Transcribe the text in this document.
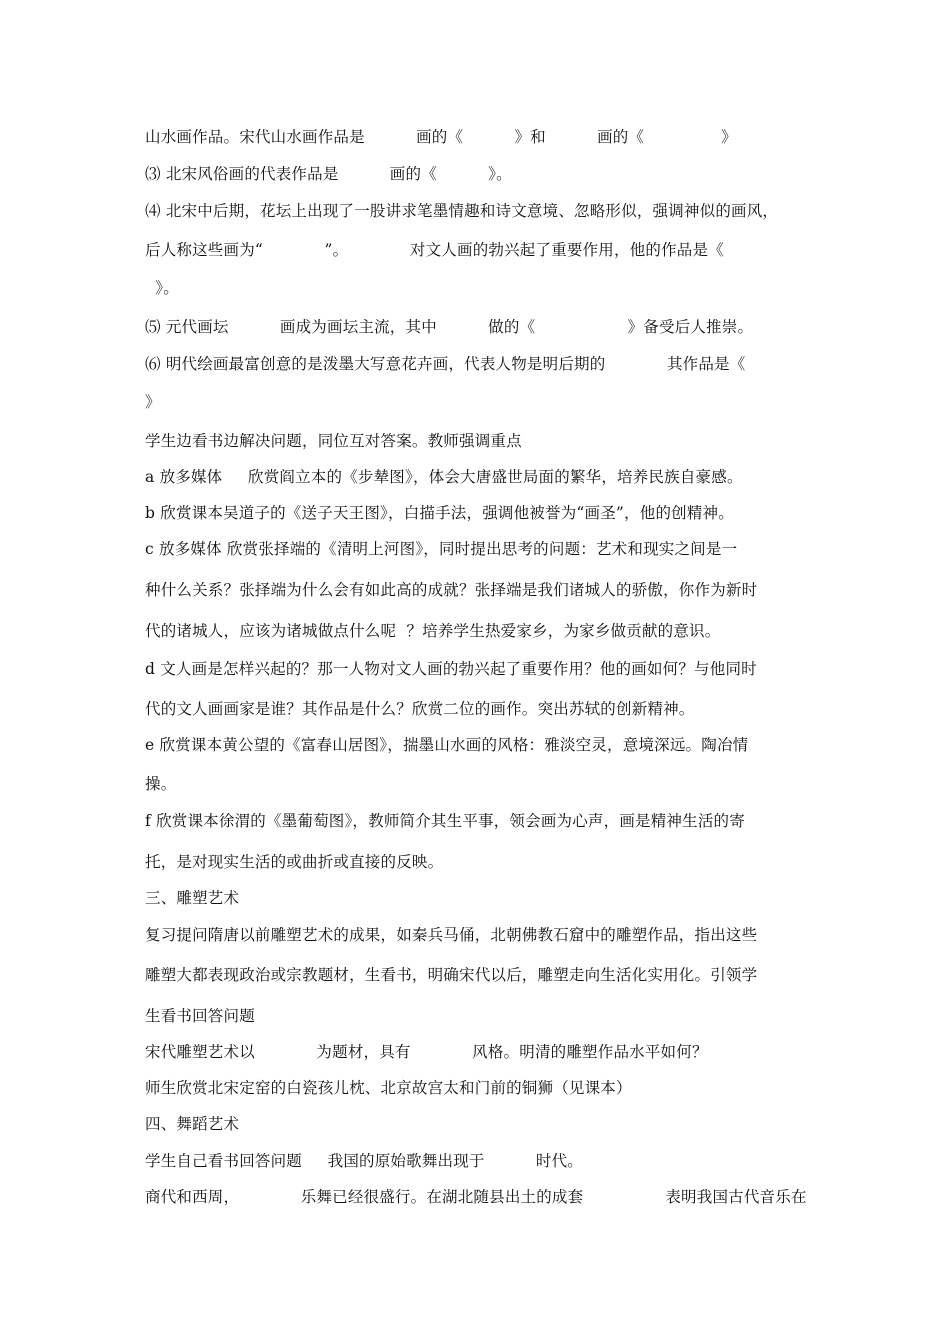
山水画作品。宋代山水画作品是          画的《          》和          画的《               》
⑶ 北宋风俗画的代表作品是          画的《          》。
⑷ 北宋中后期，花坛上出现了一股讲求笔墨情趣和诗文意境、忽略形似，强调神似的画风，
后人称这些画为“            ”。            对文人画的勃兴起了重要作用，他的作品是《
》。
⑸ 元代画坛          画成为画坛主流，其中          做的《                  》备受后人推崇。
⑹ 明代绘画最富创意的是泼墨大写意花卉画，代表人物是明后期的            其作品是《
》
学生边看书边解决问题，同位互对答案。教师强调重点
a 放多媒体     欣赏阎立本的《步辇图》，体会大唐盛世局面的繁华，培养民族自豪感。
b 欣赏课本吴道子的《送子天王图》，白描手法，强调他被誉为“画圣”，他的创精神。
c 放多媒体 欣赏张择端的《清明上河图》，同时提出思考的问题：艺术和现实之间是一
种什么关系？张择端为什么会有如此高的成就？张择端是我们诸城人的骄傲，你作为新时
代的诸城人，应该为诸城做点什么呢  ？培养学生热爱家乡，为家乡做贡献的意识。
d 文人画是怎样兴起的？那一人物对文人画的勃兴起了重要作用？他的画如何？与他同时
代的文人画画家是谁？其作品是什么？欣赏二位的画作。突出苏轼的创新精神。
e 欣赏课本黄公望的《富春山居图》，揣墨山水画的风格：雅淡空灵，意境深远。陶冶情
操。
f 欣赏课本徐渭的《墨葡萄图》，教师简介其生平事，领会画为心声，画是精神生活的寄
托，是对现实生活的或曲折或直接的反映。
三、雕塑艺术
复习提问隋唐以前雕塑艺术的成果，如秦兵马俑，北朝佛教石窟中的雕塑作品，指出这些
雕塑大都表现政治或宗教题材，生看书，明确宋代以后，雕塑走向生活化实用化。引领学
生看书回答问题
宋代雕塑艺术以            为题材，具有            风格。明清的雕塑作品水平如何？
师生欣赏北宋定窑的白瓷孩儿枕、北京故宫太和门前的铜狮（见课本）
四、舞蹈艺术
学生自己看书回答问题     我国的原始歌舞出现于          时代。
商代和西周，            乐舞已经很盛行。在湖北随县出土的成套                表明我国古代音乐在
